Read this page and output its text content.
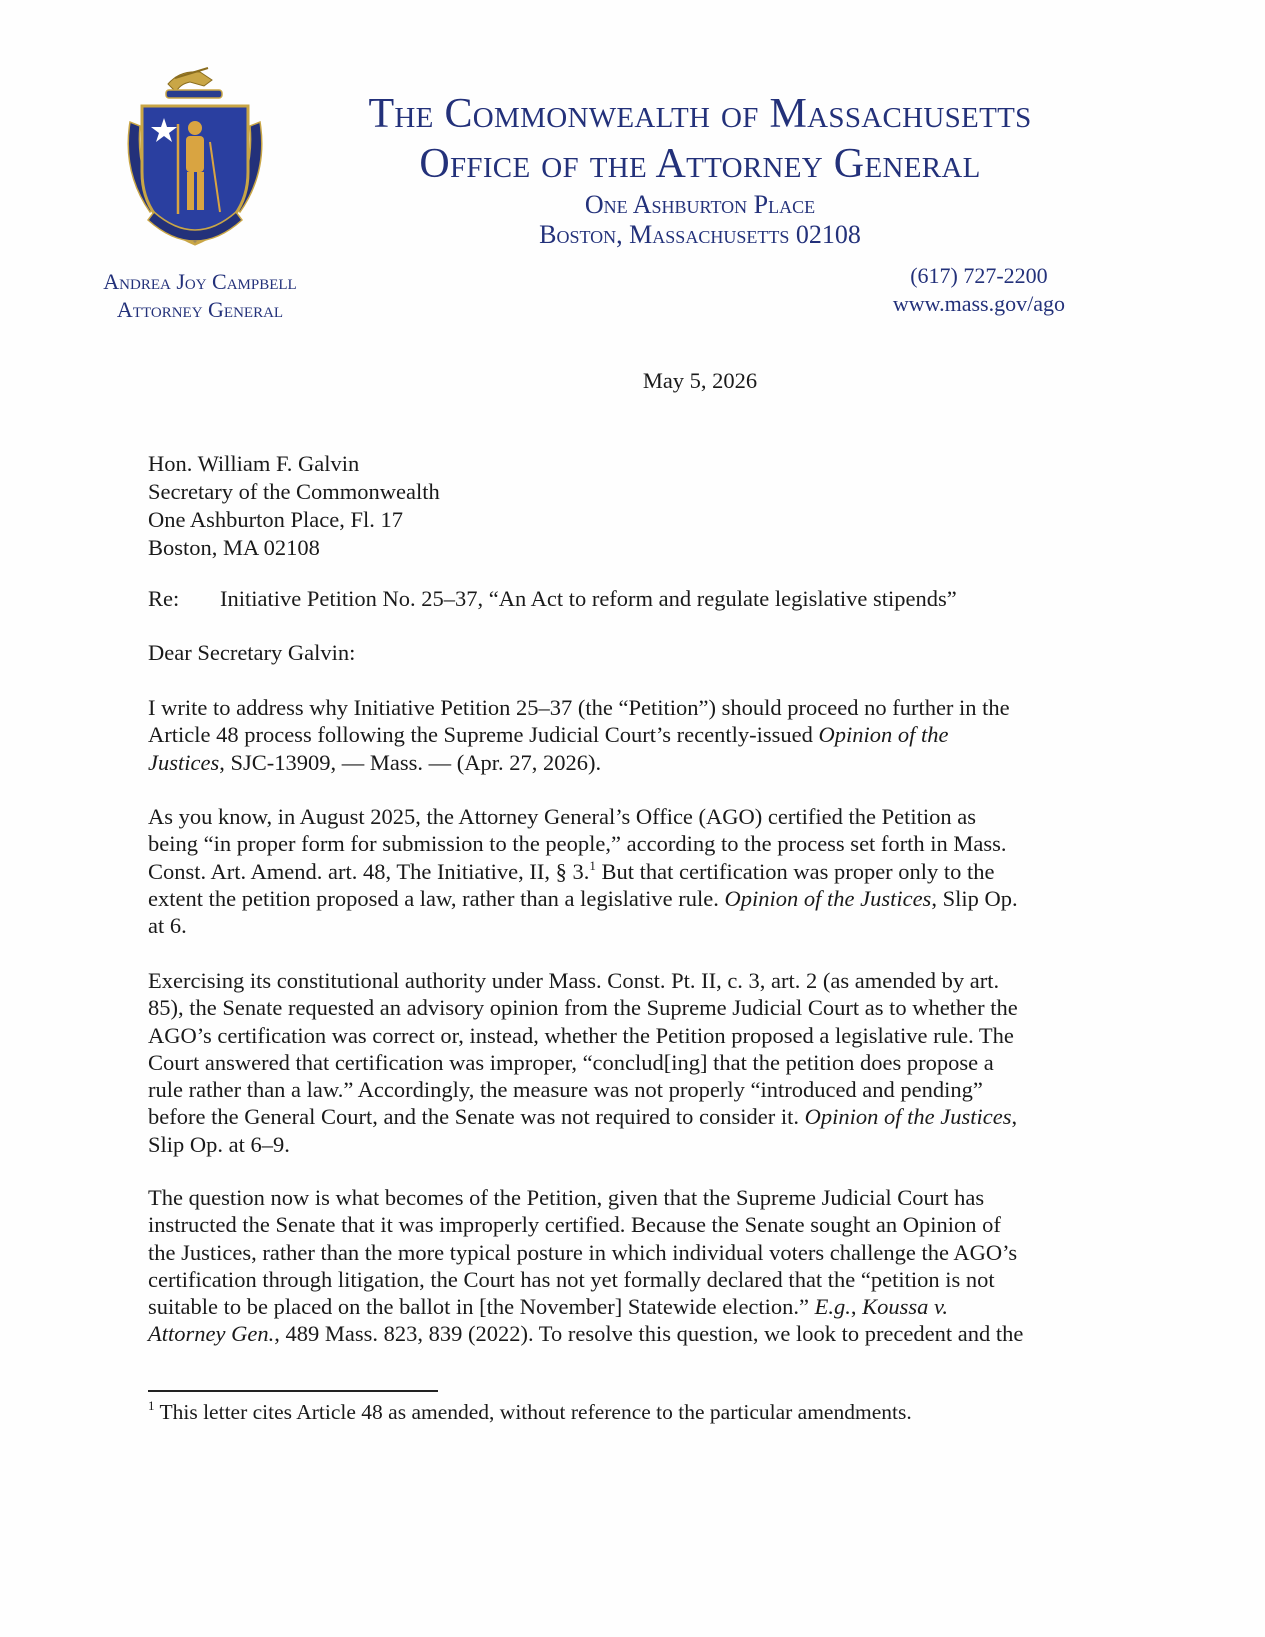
The Commonwealth of Massachusetts
Office of the Attorney General
One Ashburton Place
Boston, Massachusetts 02108
Andrea Joy Campbell
Attorney General
(617) 727-2200
www.mass.gov/ago
May 5, 2026
Hon. William F. Galvin
Secretary of the Commonwealth
One Ashburton Place, Fl. 17
Boston, MA 02108
Re: Initiative Petition No. 25–37, “An Act to reform and regulate legislative stipends”
Dear Secretary Galvin:
I write to address why Initiative Petition 25–37 (the “Petition”) should proceed no further in the
Article 48 process following the Supreme Judicial Court’s recently-issued Opinion of the
Justices, SJC-13909, — Mass. — (Apr. 27, 2026).
As you know, in August 2025, the Attorney General’s Office (AGO) certified the Petition as
being “in proper form for submission to the people,” according to the process set forth in Mass.
Const. Art. Amend. art. 48, The Initiative, II, § 3.$^1$ But that certification was proper only to the
extent the petition proposed a law, rather than a legislative rule. Opinion of the Justices, Slip Op.
at 6.
Exercising its constitutional authority under Mass. Const. Pt. II, c. 3, art. 2 (as amended by art.
85), the Senate requested an advisory opinion from the Supreme Judicial Court as to whether the
AGO’s certification was correct or, instead, whether the Petition proposed a legislative rule. The
Court answered that certification was improper, “conclud[ing] that the petition does propose a
rule rather than a law.” Accordingly, the measure was not properly “introduced and pending”
before the General Court, and the Senate was not required to consider it. Opinion of the Justices,
Slip Op. at 6–9.
The question now is what becomes of the Petition, given that the Supreme Judicial Court has
instructed the Senate that it was improperly certified. Because the Senate sought an Opinion of
the Justices, rather than the more typical posture in which individual voters challenge the AGO’s
certification through litigation, the Court has not yet formally declared that the “petition is not
suitable to be placed on the ballot in [the November] Statewide election.” E.g., Koussa v.
Attorney Gen., 489 Mass. 823, 839 (2022). To resolve this question, we look to precedent and the
$^1$ This letter cites Article 48 as amended, without reference to the particular amendments.
